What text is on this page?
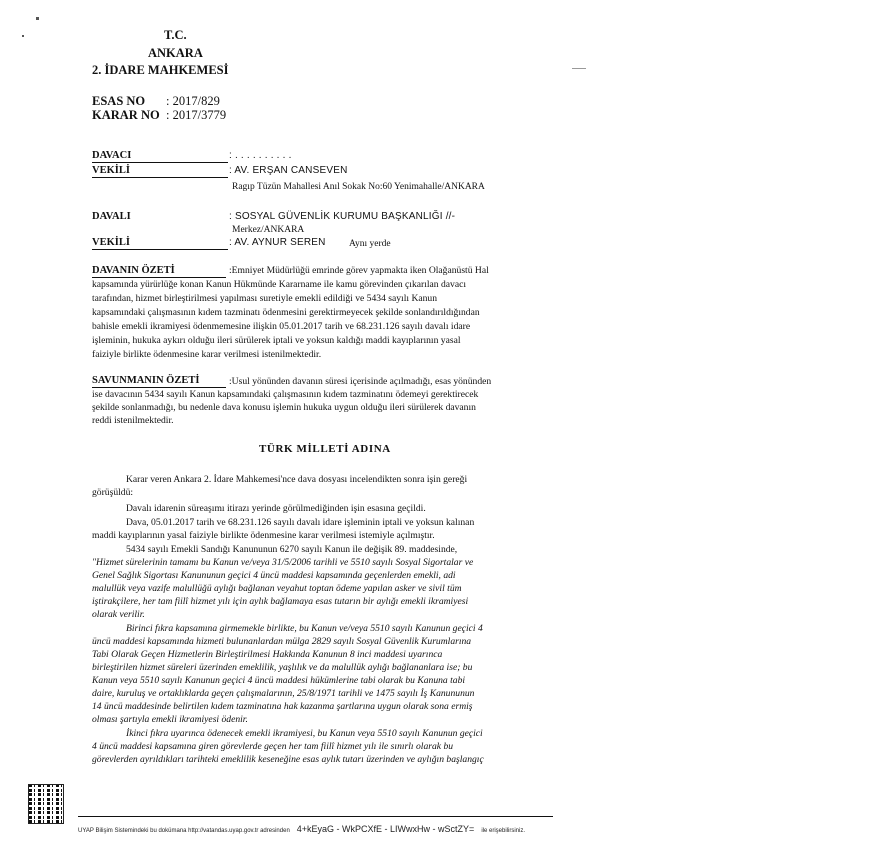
T.C.
ANKARA
2. İDARE MAHKEMESİ
ESAS NO : 2017/829
KARAR NO : 2017/3779
DAVACI	: . . . . . . . . . .
VEKİLİ	: AV. ERŞAN CANSEVEN
Ragıp Tüzün Mahallesi Anıl Sokak No:60 Yenimahalle/ANKARA
DAVALI	: SOSYAL GÜVENLİK KURUMU BAŞKANLIĞI //-
Merkez/ANKARA
VEKİLİ	: AV. AYNUR SEREN Aynı yerde
DAVANIN ÖZETİ	:Emniyet Müdürlüğü emrinde görev yapmakta iken Olağanüstü Hal
kapsamında yürürlüğe konan Kanun Hükmünde Kararname ile kamu görevinden çıkarılan davacı
tarafından, hizmet birleştirilmesi yapılması suretiyle emekli edildiği ve 5434 sayılı Kanun
kapsamındaki çalışmasının kıdem tazminatı ödenmesini gerektirmeyecek şekilde sonlandırıldığından
bahisle emekli ikramiyesi ödenmemesine ilişkin 05.01.2017 tarih ve 68.231.126 sayılı davalı idare
işleminin, hukuka aykırı olduğu ileri sürülerek iptali ve yoksun kaldığı maddi kayıplarının yasal
faiziyle birlikte ödenmesine karar verilmesi istenilmektedir.
SAVUNMANIN ÖZETİ	:Usul yönünden davanın süresi içerisinde açılmadığı, esas yönünden
ise davacının 5434 sayılı Kanun kapsamındaki çalışmasının kıdem tazminatını ödemeyi gerektirecek
şekilde sonlanmadığı, bu nedenle dava konusu işlemin hukuka uygun olduğu ileri sürülerek davanın
reddi istenilmektedir.
TÜRK MİLLETİ ADINA
Karar veren Ankara 2. İdare Mahkemesi'nce dava dosyası incelendikten sonra işin gereği
görüşüldü:
Davalı idarenin süreaşımı itirazı yerinde görülmediğinden işin esasına geçildi.
Dava, 05.01.2017 tarih ve 68.231.126 sayılı davalı idare işleminin iptali ve yoksun kalınan
maddi kayıplarının yasal faiziyle birlikte ödenmesine karar verilmesi istemiyle açılmıştır.
5434 sayılı Emekli Sandığı Kanununun 6270 sayılı Kanun ile değişik 89. maddesinde,
"Hizmet sürelerinin tamamı bu Kanun ve/veya 31/5/2006 tarihli ve 5510 sayılı Sosyal Sigortalar ve
Genel Sağlık Sigortası Kanununun geçici 4 üncü maddesi kapsamında geçenlerden emekli, adi
malullük veya vazife malullüğü aylığı bağlanan veyahut toptan ödeme yapılan asker ve sivil tüm
iştirakçilere, her tam fiilî hizmet yılı için aylık bağlamaya esas tutarın bir aylığı emekli ikramiyesi
olarak verilir.
Birinci fıkra kapsamına girmemekle birlikte, bu Kanun ve/veya 5510 sayılı Kanunun geçici 4
üncü maddesi kapsamında hizmeti bulunanlardan mülga 2829 sayılı Sosyal Güvenlik Kurumlarına
Tabi Olarak Geçen Hizmetlerin Birleştirilmesi Hakkında Kanunun 8 inci maddesi uyarınca
birleştirilen hizmet süreleri üzerinden emeklilik, yaşlılık ve da malullük aylığı bağlananlara ise; bu
Kanun veya 5510 sayılı Kanunun geçici 4 üncü maddesi hükümlerine tabi olarak bu Kanuna tabi
daire, kuruluş ve ortaklıklarda geçen çalışmalarının, 25/8/1971 tarihli ve 1475 sayılı İş Kanununun
14 üncü maddesinde belirtilen kıdem tazminatına hak kazanma şartlarına uygun olarak sona ermiş
olması şartıyla emekli ikramiyesi ödenir.
İkinci fıkra uyarınca ödenecek emekli ikramiyesi, bu Kanun veya 5510 sayılı Kanunun geçici
4 üncü maddesi kapsamına giren görevlerde geçen her tam fiilî hizmet yılı ile sınırlı olarak bu
görevlerden ayrıldıkları tarihteki emeklilik keseneğine esas aylık tutarı üzerinden ve aylığın başlangıç
UYAP Bilişim Sistemindeki bu dokümana http://vatandas.uyap.gov.tr adresinden 4+kEyaG - WkPCXfE - LIWwxHw - wSctZY= ile erişebilirsiniz.
